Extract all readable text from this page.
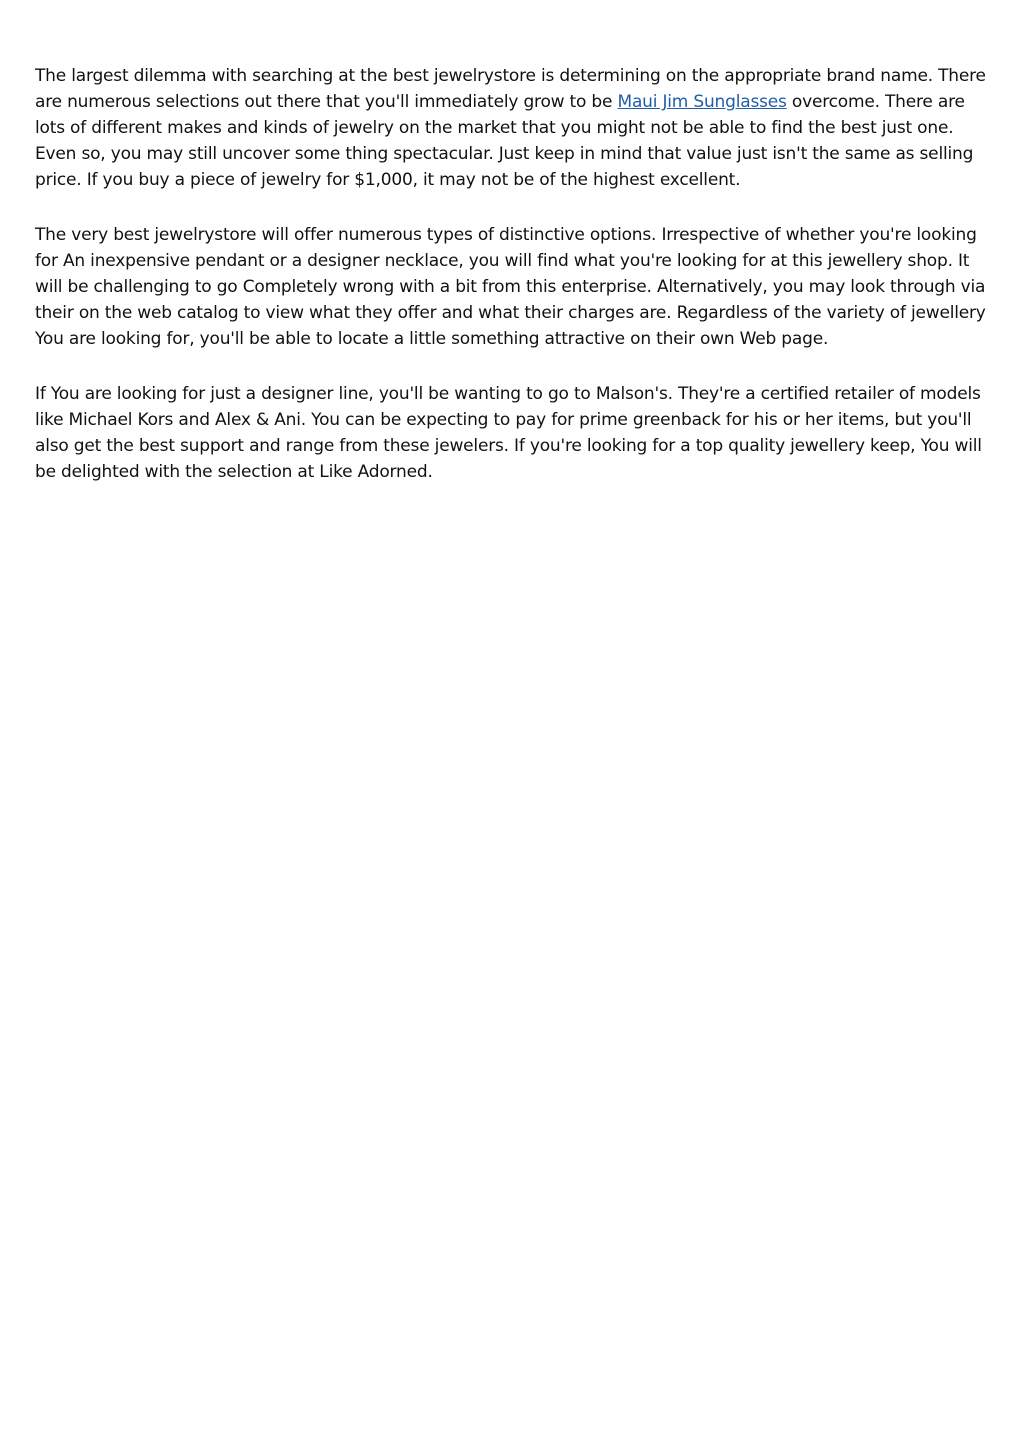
The largest dilemma with searching at the best jewelrystore is determining on the appropriate brand name. There are numerous selections out there that you'll immediately grow to be Maui Jim Sunglasses overcome. There are lots of different makes and kinds of jewelry on the market that you might not be able to find the best just one. Even so, you may still uncover some thing spectacular. Just keep in mind that value just isn't the same as selling price. If you buy a piece of jewelry for $1,000, it may not be of the highest excellent.

The very best jewelrystore will offer numerous types of distinctive options. Irrespective of whether you're looking for An inexpensive pendant or a designer necklace, you will find what you're looking for at this jewellery shop. It will be challenging to go Completely wrong with a bit from this enterprise. Alternatively, you may look through via their on the web catalog to view what they offer and what their charges are. Regardless of the variety of jewellery You are looking for, you'll be able to locate a little something attractive on their own Web page.

If You are looking for just a designer line, you'll be wanting to go to Malson's. They're a certified retailer of models like Michael Kors and Alex & Ani. You can be expecting to pay for prime greenback for his or her items, but you'll also get the best support and range from these jewelers. If you're looking for a top quality jewellery keep, You will be delighted with the selection at Like Adorned.
